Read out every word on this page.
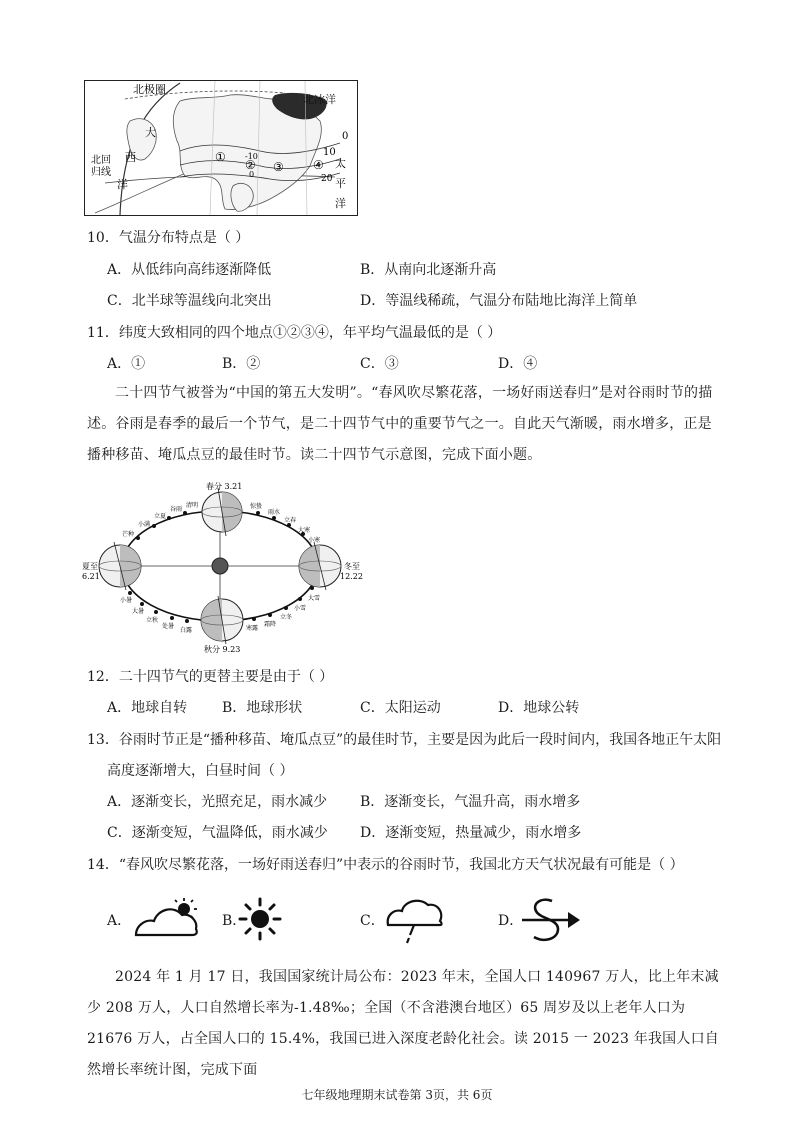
北极圈
北冰洋
北回
归线
大
西
洋
太
平
洋
①
② ③ ④
0
10
20
-10
0
10．气温分布特点是（ ）
A．从低纬向高纬逐渐降低	B．从南向北逐渐升高
C．北半球等温线向北突出	D．等温线稀疏，气温分布陆地比海洋上简单
11．纬度大致相同的四个地点①②③④，年平均气温最低的是（ ）
A．①	B．②	C．③	D．④
二十四节气被誉为“中国的第五大发明”。“春风吹尽繁花落，一场好雨送春归”是对谷雨时节的描述。谷雨是春季的最后一个节气，是二十四节气中的重要节气之一。自此天气渐暖，雨水增多，正是播种移苗、埯瓜点豆的最佳时节。读二十四节气示意图，完成下面小题。
春分 3.21
夏至
6.21
冬至
12.22
秋分 9.23
芒种
小满
立夏
谷雨
清明	惊蛰
雨水
立春
大寒
小寒
小暑
大暑
立秋
处暑
白露	寒露
霜降
立冬
小雪
大雪
12．二十四节气的更替主要是由于（ ）
A．地球自转 B．地球形状	C．太阳运动	D．地球公转
13．谷雨时节正是“播种移苗、埯瓜点豆”的最佳时节，主要是因为此后一段时间内，我国各地正午太阳
高度逐渐增大，白昼时间（ ）
A．逐渐变长，光照充足，雨水减少 B．逐渐变长，气温升高，雨水增多
C．逐渐变短，气温降低，雨水减少 D．逐渐变短，热量减少，雨水增多
14．“春风吹尽繁花落，一场好雨送春归”中表示的谷雨时节，我国北方天气状况最有可能是（ ）
A．	B．	C．	D．
2024 年 1 月 17 日，我国国家统计局公布：2023 年末，全国人口 140967 万人，比上年末减少 208 万人，人口自然增长率为-1.48‰；全国（不含港澳台地区）65 周岁及以上老年人口为 21676 万人，占全国人口的 15.4%，我国已进入深度老龄化社会。读 2015 一 2023 年我国人口自然增长率统计图，完成下面
七年级地理期末试卷第 3页，共 6页
